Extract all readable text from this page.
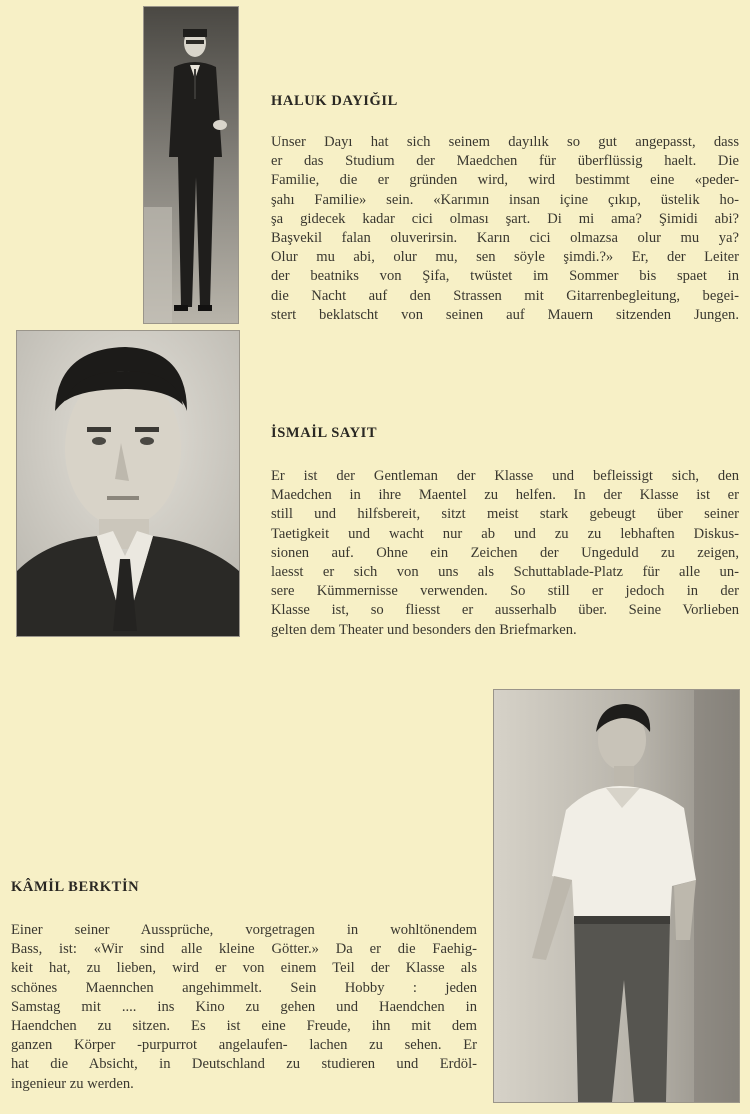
HALUK DAYIĞIL
Unser Dayı hat sich seinem dayılık so gut angepasst, dass
er das Studium der Maedchen für überflüssig haelt. Die
Familie, die er gründen wird, wird bestimmt eine «peder-
şahı Familie» sein. «Karımın insan içine çıkıp, üstelik ho-
şa gidecek kadar cici olması şart. Di mi ama? Şimidi abi?
Başvekil falan oluverirsin. Karın cici olmazsa olur mu ya?
Olur mu abi, olur mu, sen söyle şimdi.?» Er, der Leiter
der beatniks von Şifa, twüstet im Sommer bis spaet in
die Nacht auf den Strassen mit Gitarrenbegleitung, begei-
stert beklatscht von seinen auf Mauern sitzenden Jungen.
İSMAİL SAYIT
Er ist der Gentleman der Klasse und befleissigt sich, den
Maedchen in ihre Maentel zu helfen. In der Klasse ist er
still und hilfsbereit, sitzt meist stark gebeugt über seiner
Taetigkeit und wacht nur ab und zu zu lebhaften Diskus-
sionen auf. Ohne ein Zeichen der Ungeduld zu zeigen,
laesst er sich von uns als Schuttablade-Platz für alle un-
sere Kümmernisse verwenden. So still er jedoch in der
Klasse ist, so fliesst er ausserhalb über. Seine Vorlieben
gelten dem Theater und besonders den Briefmarken.
KÂMİL BERKTİN
Einer seiner Aussprüche, vorgetragen in wohltönendem
Bass, ist: «Wir sind alle kleine Götter.» Da er die Faehig-
keit hat, zu lieben, wird er von einem Teil der Klasse als
schönes Maennchen angehimmelt. Sein Hobby : jeden
Samstag mit .... ins Kino zu gehen und Haendchen in
Haendchen zu sitzen. Es ist eine Freude, ihn mit dem
ganzen Körper -purpurrot angelaufen- lachen zu sehen. Er
hat die Absicht, in Deutschland zu studieren und Erdöl-
ingenieur zu werden.
